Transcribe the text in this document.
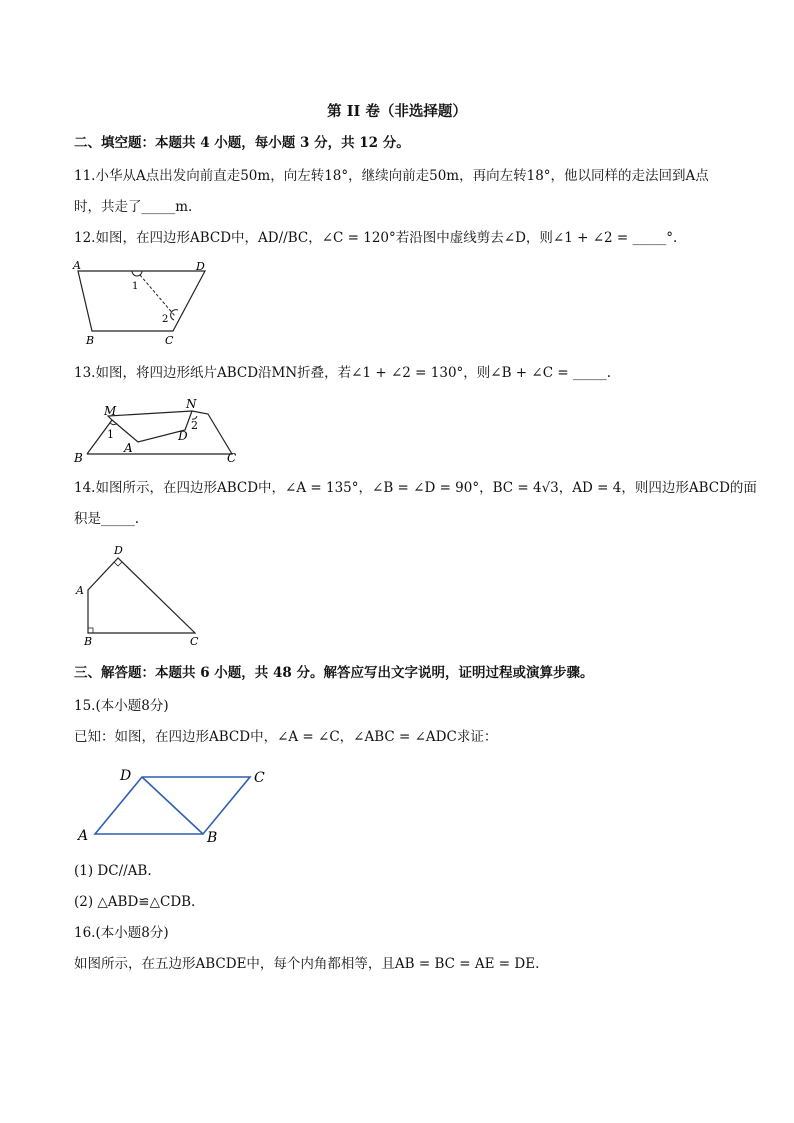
第 II 卷（非选择题）
二、填空题：本题共 4 小题，每小题 3 分，共 12 分。
11.小华从A点出发向前直走50m，向左转18°，继续向前走50m，再向左转18°，他以同样的走法回到A点
时，共走了_____m.
12.如图，在四边形ABCD中，AD//BC，∠C = 120°若沿图中虚线剪去∠D，则∠1 + ∠2 = _____°.
A	D
B	C
1
2
13.如图，将四边形纸片ABCD沿MN折叠，若∠1 + ∠2 = 130°，则∠B + ∠C = _____.
M	N
A
D
B	C
1
2
14.如图所示，在四边形ABCD中，∠A = 135°，∠B = ∠D = 90°，BC = 4√3，AD = 4，则四边形ABCD的面
积是_____.
D
A
B	C
三、解答题：本题共 6 小题，共 48 分。解答应写出文字说明，证明过程或演算步骤。
15.(本小题8分)
已知：如图，在四边形ABCD中，∠A = ∠C，∠ABC = ∠ADC求证：
D	C
A	B
(1) DC//AB.
(2) △ABD≌△CDB.
16.(本小题8分)
如图所示，在五边形ABCDE中，每个内角都相等，且AB = BC = AE = DE.
